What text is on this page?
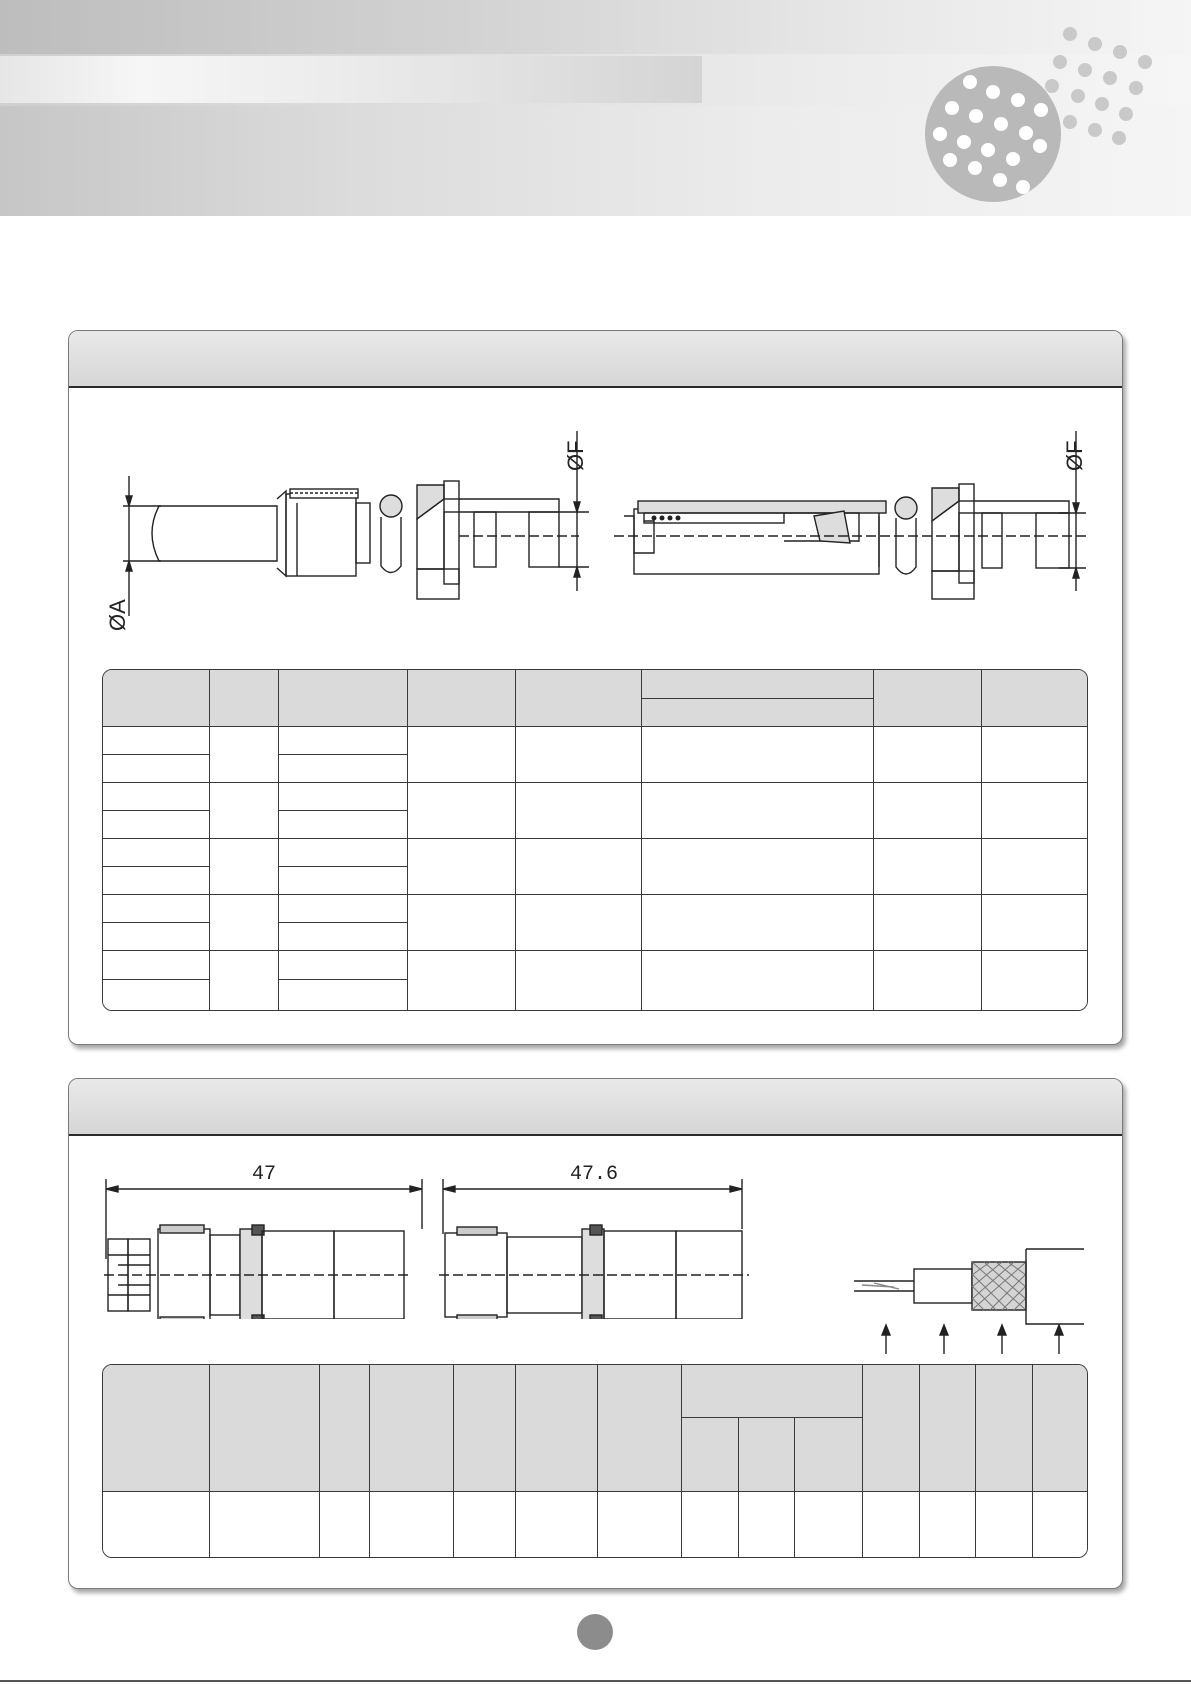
ØA
ØF	ØF
47	47.6
